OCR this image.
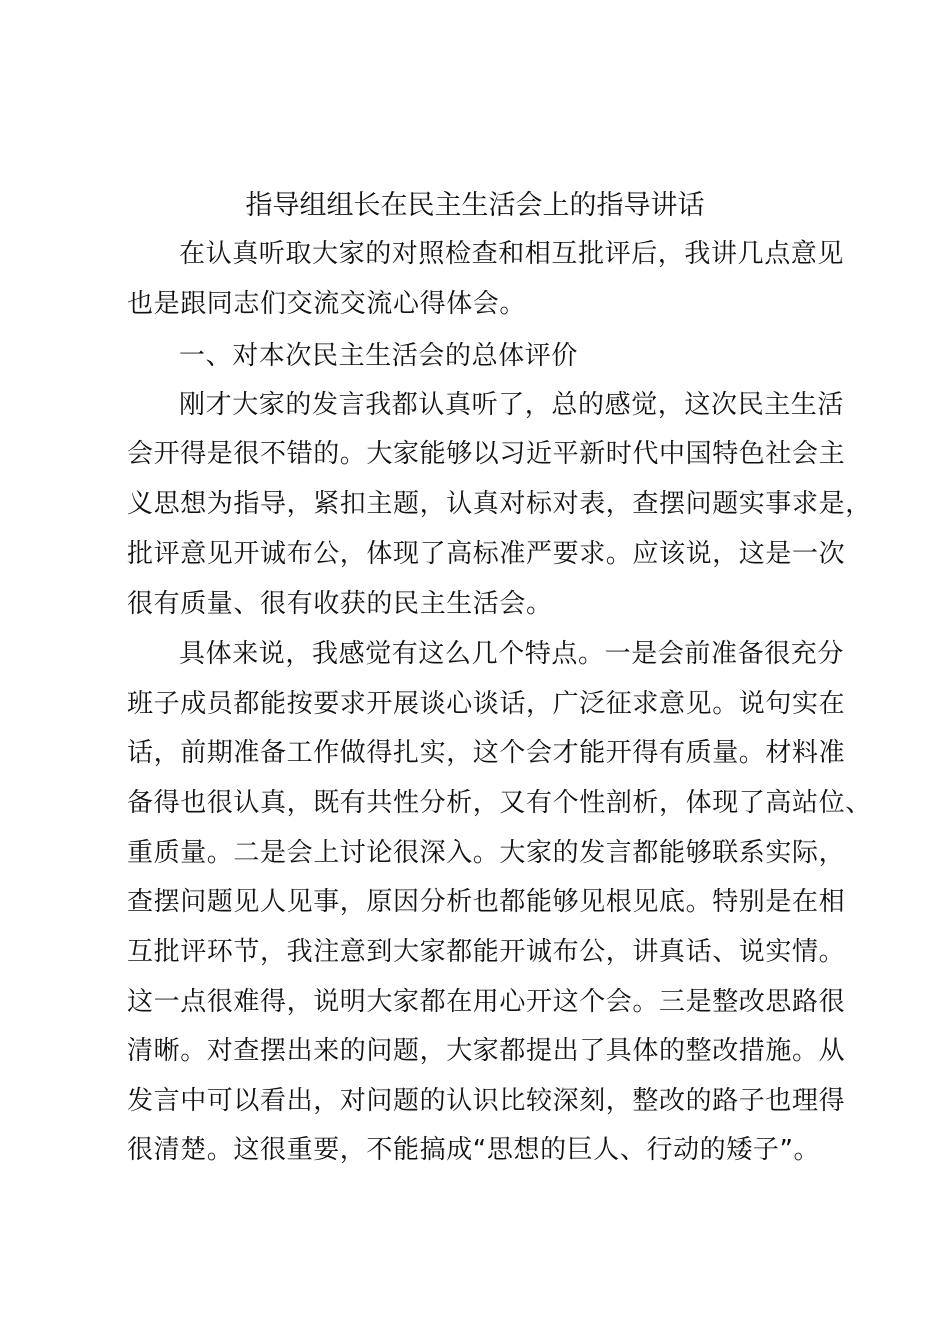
指导组组长在民主生活会上的指导讲话
在认真听取大家的对照检查和相互批评后，我讲几点意见
也是跟同志们交流交流心得体会。
一、对本次民主生活会的总体评价
刚才大家的发言我都认真听了，总的感觉，这次民主生活
会开得是很不错的。大家能够以习近平新时代中国特色社会主
义思想为指导，紧扣主题，认真对标对表，查摆问题实事求是，
批评意见开诚布公，体现了高标准严要求。应该说，这是一次
很有质量、很有收获的民主生活会。
具体来说，我感觉有这么几个特点。一是会前准备很充分
班子成员都能按要求开展谈心谈话，广泛征求意见。说句实在
话，前期准备工作做得扎实，这个会才能开得有质量。材料准
备得也很认真，既有共性分析，又有个性剖析，体现了高站位、
重质量。二是会上讨论很深入。大家的发言都能够联系实际，
查摆问题见人见事，原因分析也都能够见根见底。特别是在相
互批评环节，我注意到大家都能开诚布公，讲真话、说实情。
这一点很难得，说明大家都在用心开这个会。三是整改思路很
清晰。对查摆出来的问题，大家都提出了具体的整改措施。从
发言中可以看出，对问题的认识比较深刻，整改的路子也理得
很清楚。这很重要，不能搞成“思想的巨人、行动的矮子”。
